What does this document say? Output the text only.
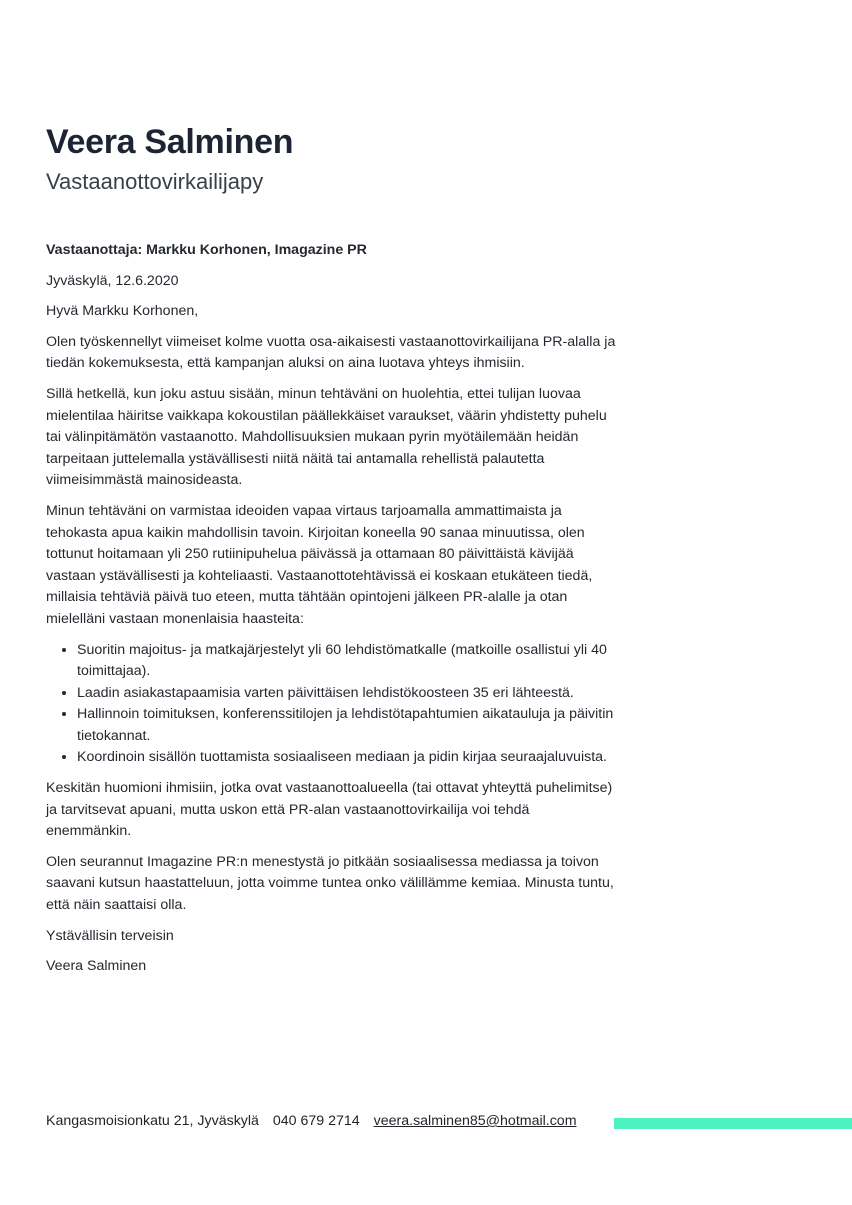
Veera Salminen
Vastaanottovirkailijapy

Vastaanottaja: Markku Korhonen, Imagazine PR

Jyväskylä, 12.6.2020

Hyvä Markku Korhonen,

Olen työskennellyt viimeiset kolme vuotta osa-aikaisesti vastaanottovirkailijana PR-alalla ja tiedän kokemuksesta, että kampanjan aluksi on aina luotava yhteys ihmisiin.

Sillä hetkellä, kun joku astuu sisään, minun tehtäväni on huolehtia, ettei tulijan luovaa mielentilaa häiritse vaikkapa kokoustilan päällekkäiset varaukset, väärin yhdistetty puhelu tai välinpitämätön vastaanotto. Mahdollisuuksien mukaan pyrin myötäilemään heidän tarpeitaan juttelemalla ystävällisesti niitä näitä tai antamalla rehellistä palautetta viimeisimmästä mainosideasta.

Minun tehtäväni on varmistaa ideoiden vapaa virtaus tarjoamalla ammattimaista ja tehokasta apua kaikin mahdollisin tavoin. Kirjoitan koneella 90 sanaa minuutissa, olen tottunut hoitamaan yli 250 rutiinipuhelua päivässä ja ottamaan 80 päivittäistä kävijää vastaan ystävällisesti ja kohteliaasti. Vastaanottotehtävissä ei koskaan etukäteen tiedä, millaisia tehtäviä päivä tuo eteen, mutta tähtään opintojeni jälkeen PR-alalle ja otan mielelläni vastaan monenlaisia haasteita:

• Suoritin majoitus- ja matkajärjestelyt yli 60 lehdistömatkalle (matkoille osallistui yli 40 toimittajaa).
• Laadin asiakastapaamisia varten päivittäisen lehdistökoosteen 35 eri lähteestä.
• Hallinnoin toimituksen, konferenssitilojen ja lehdistötapahtumien aikatauluja ja päivitin tietokannat.
• Koordinoin sisällön tuottamista sosiaaliseen mediaan ja pidin kirjaa seuraajaluvuista.

Keskitän huomioni ihmisiin, jotka ovat vastaanottoalueella (tai ottavat yhteyttä puhelimitse) ja tarvitsevat apuani, mutta uskon että PR-alan vastaanottovirkailija voi tehdä enemmänkin.

Olen seurannut Imagazine PR:n menestystä jo pitkään sosiaalisessa mediassa ja toivon saavani kutsun haastatteluun, jotta voimme tuntea onko välillämme kemiaa. Minusta tuntu, että näin saattaisi olla.

Ystävällisin terveisin

Veera Salminen

Kangasmoisionkatu 21, Jyväskylä 040 679 2714 veera.salminen85@hotmail.com
